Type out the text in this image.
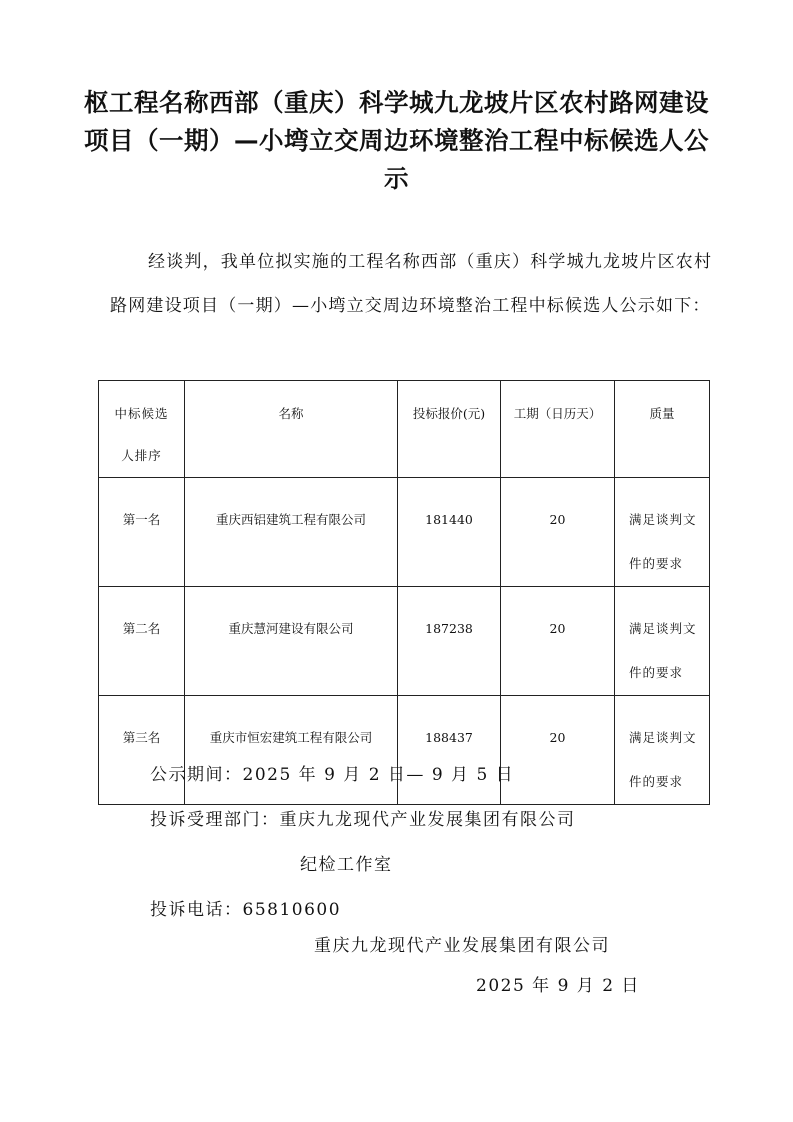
枢工程名称西部（重庆）科学城九龙坡片区农村路网建设项目（一期）—小塆立交周边环境整治工程中标候选人公示
经谈判，我单位拟实施的工程名称西部（重庆）科学城九龙坡片区农村路网建设项目（一期）—小塆立交周边环境整治工程中标候选人公示如下：
中标候选人排序	名称	投标报价(元)	工期（日历天）	质量
第一名	重庆西铝建筑工程有限公司	181440	20	满足谈判文件的要求

第二名	重庆慧河建设有限公司	187238	20	满足谈判文件的要求

第三名	重庆市恒宏建筑工程有限公司	188437	20	满足谈判文件的要求
公示期间：2025 年 9 月 2 日— 9 月 5 日
投诉受理部门：重庆九龙现代产业发展集团有限公司
纪检工作室
投诉电话：65810600
重庆九龙现代产业发展集团有限公司
2025 年 9 月 2 日
